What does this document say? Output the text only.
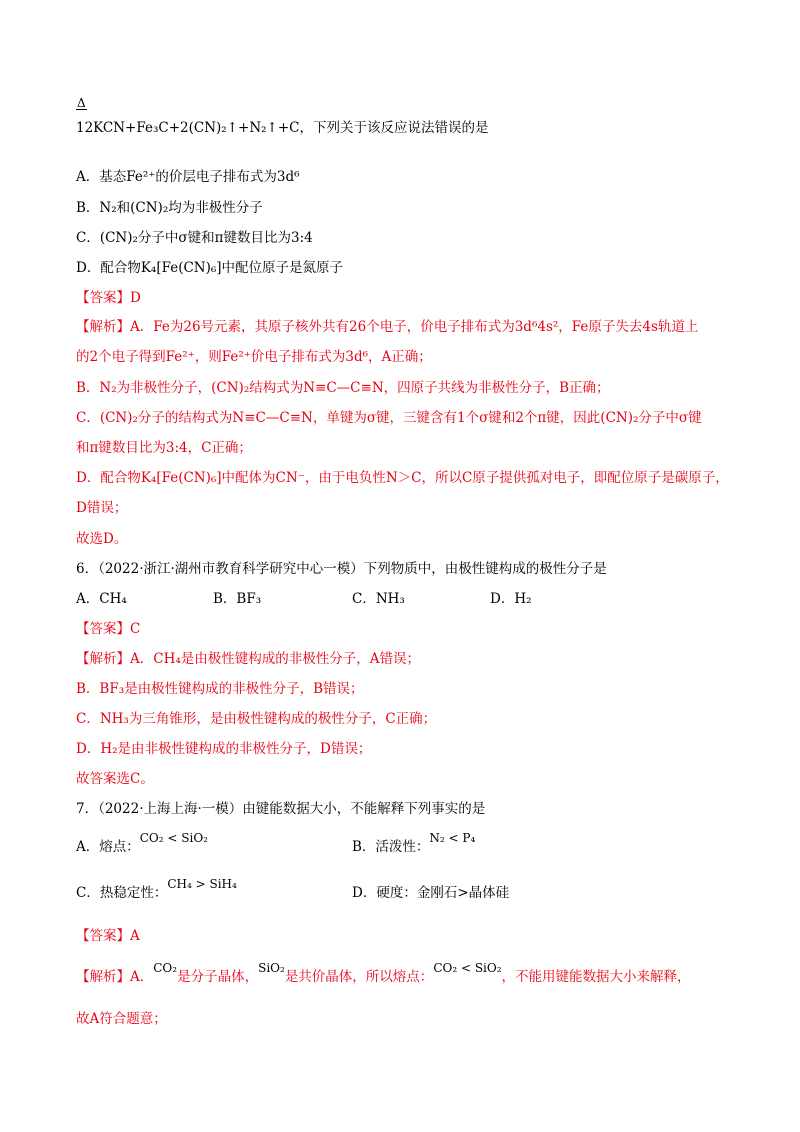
Δ
12KCN+Fe₃C+2(CN)₂↑+N₂↑+C，下列关于该反应说法错误的是
A．基态Fe²⁺的价层电子排布式为3d⁶
B．N₂和(CN)₂均为非极性分子
C．(CN)₂分子中σ键和π键数目比为3:4
D．配合物K₄[Fe(CN)₆]中配位原子是氮原子
【答案】D
【解析】A．Fe为26号元素，其原子核外共有26个电子，价电子排布式为3d⁶4s²，Fe原子失去4s轨道上
的2个电子得到Fe²⁺，则Fe²⁺价电子排布式为3d⁶，A正确；
B．N₂为非极性分子，(CN)₂结构式为N≡C—C≡N，四原子共线为非极性分子，B正确；
C．(CN)₂分子的结构式为N≡C—C≡N，单键为σ键，三键含有1个σ键和2个π键，因此(CN)₂分子中σ键
和π键数目比为3:4，C正确；
D．配合物K₄[Fe(CN)₆]中配体为CN⁻，由于电负性N＞C，所以C原子提供孤对电子，即配位原子是碳原子，
D错误；
故选D。
6．（2022·浙江·湖州市教育科学研究中心一模）下列物质中，由极性键构成的极性分子是
A．CH₄	B．BF₃	C．NH₃	D．H₂
【答案】C
【解析】A．CH₄是由极性键构成的非极性分子，A错误；
B．BF₃是由极性键构成的非极性分子，B错误；
C．NH₃为三角锥形，是由极性键构成的极性分子，C正确；
D．H₂是由非极性键构成的非极性分子，D错误；
故答案选C。
7．（2022·上海上海·一模）由键能数据大小，不能解释下列事实的是
A．熔点：CO₂ < SiO₂
B．活泼性：N₂ < P₄
C．热稳定性：CH₄ > SiH₄
D．硬度：金刚石>晶体硅
【答案】A
【解析】A．CO₂是分子晶体，SiO₂是共价晶体，所以熔点：CO₂ < SiO₂，不能用键能数据大小来解释，
故A符合题意；
